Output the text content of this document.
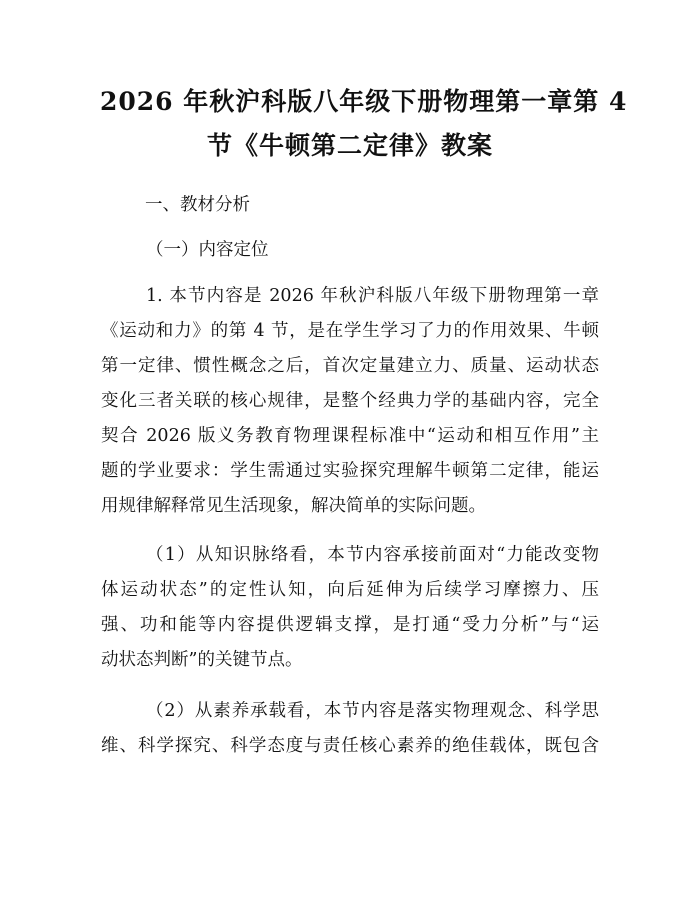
2026 年秋沪科版八年级下册物理第一章第 4
节《牛顿第二定律》教案
一、教材分析
（一）内容定位
1. 本节内容是 2026 年秋沪科版八年级下册物理第一章
《运动和力》的第 4 节，是在学生学习了力的作用效果、牛顿
第一定律、惯性概念之后，首次定量建立力、质量、运动状态
变化三者关联的核心规律，是整个经典力学的基础内容，完全
契合 2026 版义务教育物理课程标准中“运动和相互作用”主
题的学业要求：学生需通过实验探究理解牛顿第二定律，能运
用规律解释常见生活现象，解决简单的实际问题。
（1）从知识脉络看，本节内容承接前面对“力能改变物
体运动状态”的定性认知，向后延伸为后续学习摩擦力、压
强、功和能等内容提供逻辑支撑，是打通“受力分析”与“运
动状态判断”的关键节点。
（2）从素养承载看，本节内容是落实物理观念、科学思
维、科学探究、科学态度与责任核心素养的绝佳载体，既包含
